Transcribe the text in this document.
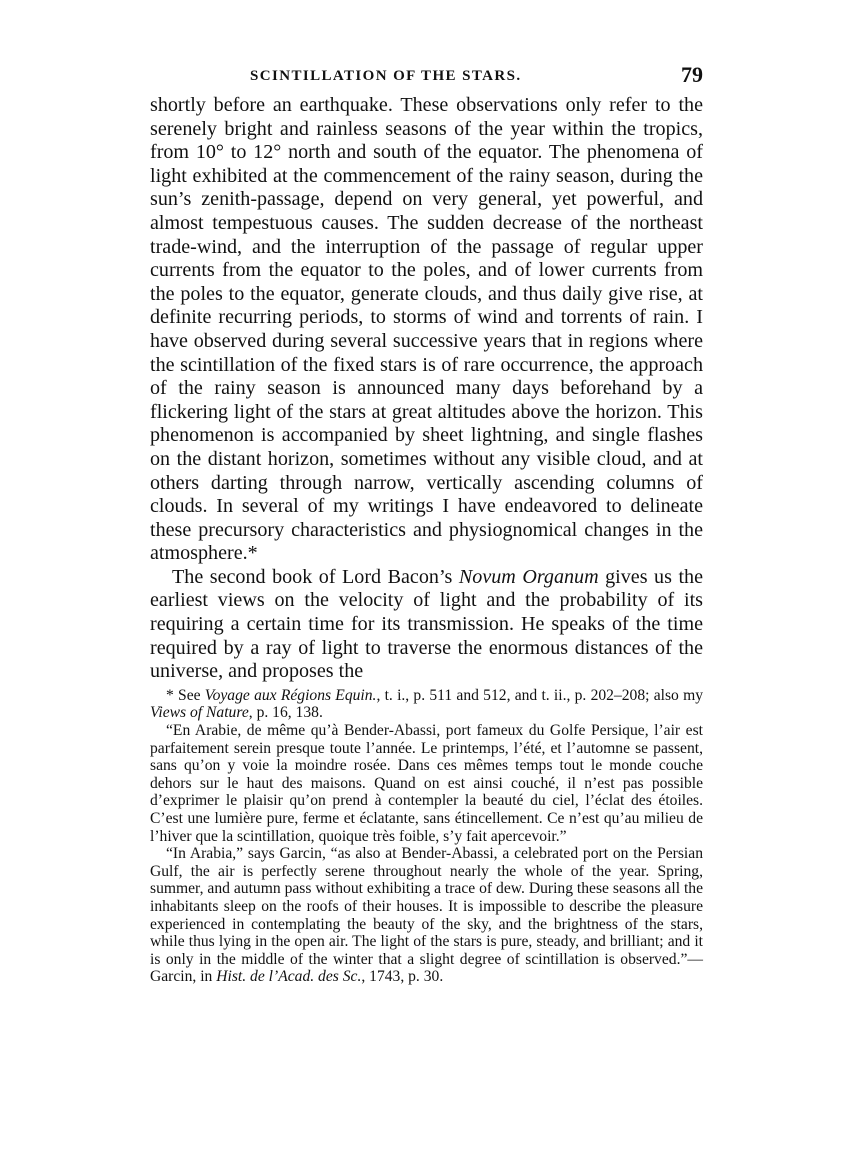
SCINTILLATION OF THE STARS.	79

shortly before an earthquake. These observations only refer to the serenely bright and rainless seasons of the year within the tropics, from 10° to 12° north and south of the equator. The phenomena of light exhibited at the commencement of the rainy season, during the sun’s zenith-passage, depend on very general, yet powerful, and almost tempestuous causes. The sudden decrease of the northeast trade-wind, and the interruption of the passage of regular upper currents from the equator to the poles, and of lower currents from the poles to the equator, generate clouds, and thus daily give rise, at definite recurring periods, to storms of wind and torrents of rain. I have observed during several successive years that in regions where the scintillation of the fixed stars is of rare occurrence, the approach of the rainy season is announced many days beforehand by a flickering light of the stars at great altitudes above the horizon. This phenomenon is accompanied by sheet lightning, and single flashes on the distant horizon, sometimes without any visible cloud, and at others darting through narrow, vertically ascending columns of clouds. In several of my writings I have endeavored to delineate these precursory characteristics and physiognomical changes in the atmosphere.*

The second book of Lord Bacon’s Novum Organum gives us the earliest views on the velocity of light and the probability of its requiring a certain time for its transmission. He speaks of the time required by a ray of light to traverse the enormous distances of the universe, and proposes the

* See Voyage aux Régions Equin., t. i., p. 511 and 512, and t. ii., p. 202–208; also my Views of Nature, p. 16, 138.

“En Arabie, de même qu’à Bender-Abassi, port fameux du Golfe Persique, l’air est parfaitement serein presque toute l’année. Le printemps, l’été, et l’automne se passent, sans qu’on y voie la moindre rosée. Dans ces mêmes temps tout le monde couche dehors sur le haut des maisons. Quand on est ainsi couché, il n’est pas possible d’exprimer le plaisir qu’on prend à contempler la beauté du ciel, l’éclat des étoiles. C’est une lumière pure, ferme et éclatante, sans étincellement. Ce n’est qu’au milieu de l’hiver que la scintillation, quoique très foible, s’y fait apercevoir.”

“In Arabia,” says Garcin, “as also at Bender-Abassi, a celebrated port on the Persian Gulf, the air is perfectly serene throughout nearly the whole of the year. Spring, summer, and autumn pass without exhibiting a trace of dew. During these seasons all the inhabitants sleep on the roofs of their houses. It is impossible to describe the pleasure experienced in contemplating the beauty of the sky, and the brightness of the stars, while thus lying in the open air. The light of the stars is pure, steady, and brilliant; and it is only in the middle of the winter that a slight degree of scintillation is observed.”—Garcin, in Hist. de l’Acad. des Sc., 1743, p. 30.
